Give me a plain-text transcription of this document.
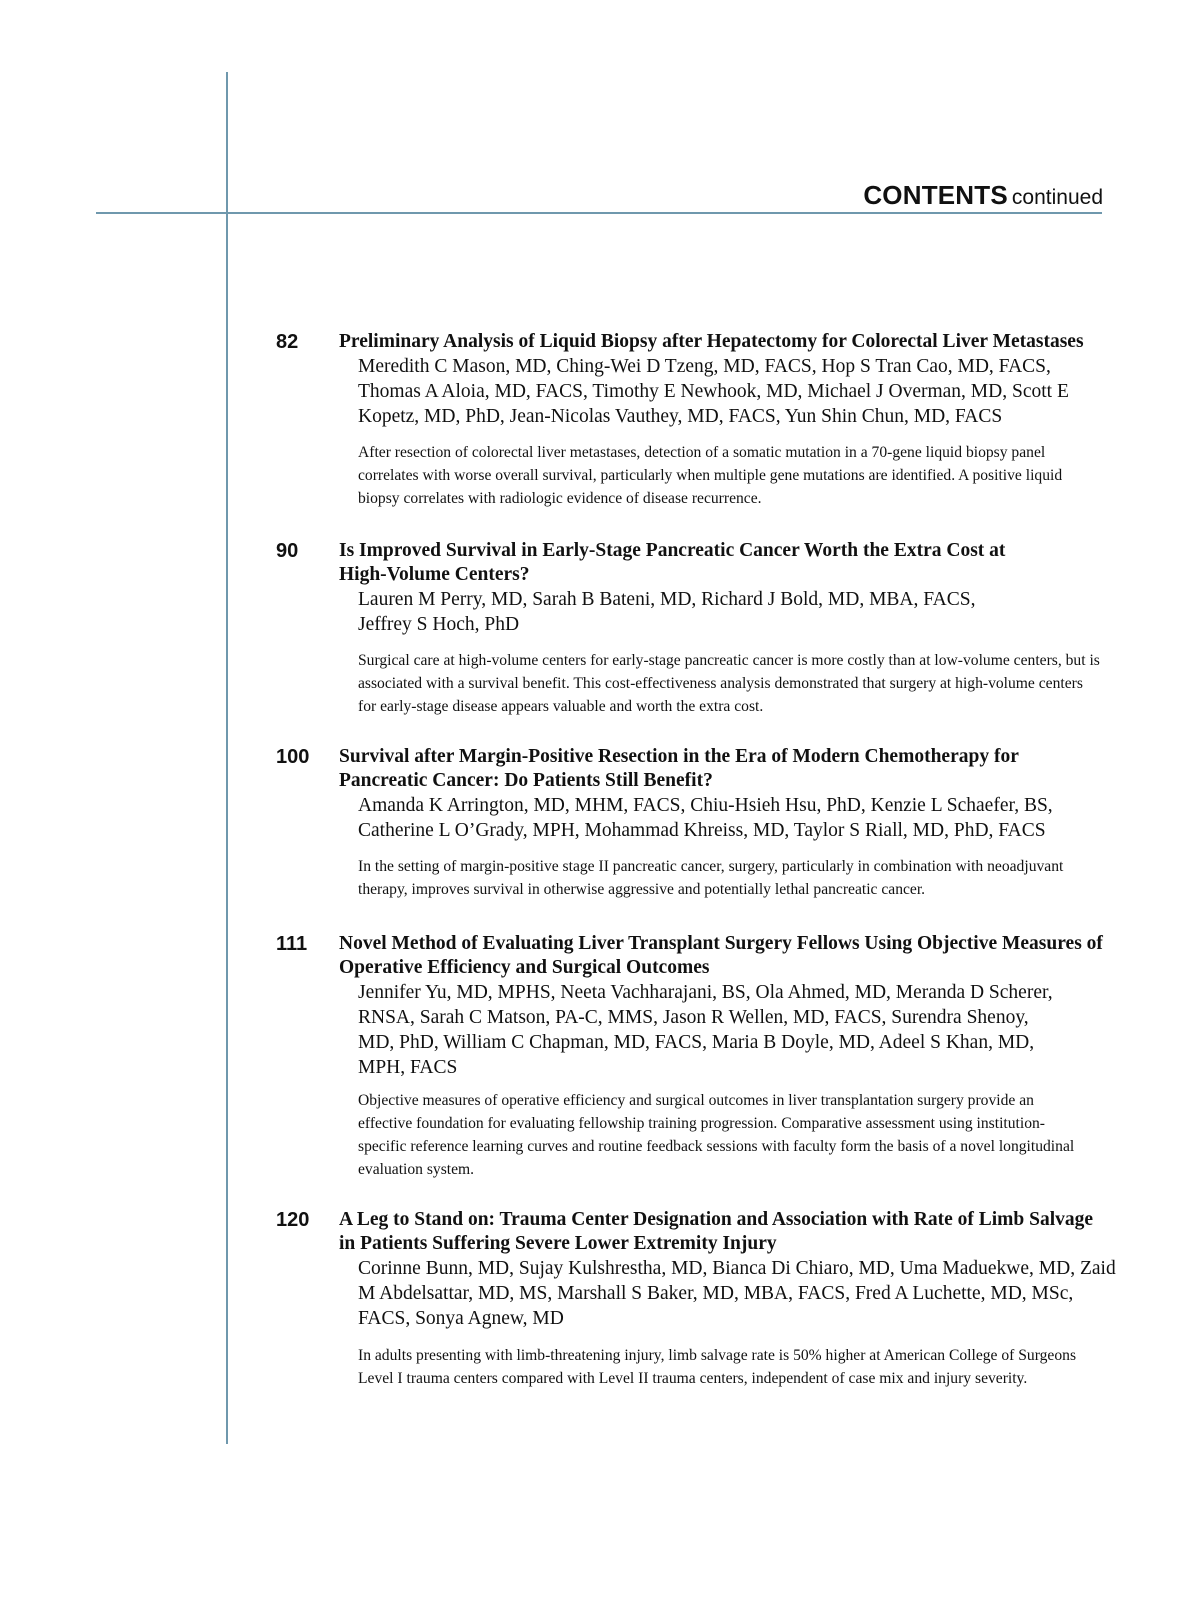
CONTENTS continued
82 Preliminary Analysis of Liquid Biopsy after Hepatectomy for Colorectal Liver Metastases

Meredith C Mason, MD, Ching-Wei D Tzeng, MD, FACS, Hop S Tran Cao, MD, FACS, Thomas A Aloia, MD, FACS, Timothy E Newhook, MD, Michael J Overman, MD, Scott E Kopetz, MD, PhD, Jean-Nicolas Vauthey, MD, FACS, Yun Shin Chun, MD, FACS

After resection of colorectal liver metastases, detection of a somatic mutation in a 70-gene liquid biopsy panel correlates with worse overall survival, particularly when multiple gene mutations are identified. A positive liquid biopsy correlates with radiologic evidence of disease recurrence.

90 Is Improved Survival in Early-Stage Pancreatic Cancer Worth the Extra Cost at High-Volume Centers?

Lauren M Perry, MD, Sarah B Bateni, MD, Richard J Bold, MD, MBA, FACS, Jeffrey S Hoch, PhD

Surgical care at high-volume centers for early-stage pancreatic cancer is more costly than at low-volume centers, but is associated with a survival benefit. This cost-effectiveness analysis demonstrated that surgery at high-volume centers for early-stage disease appears valuable and worth the extra cost.

100 Survival after Margin-Positive Resection in the Era of Modern Chemotherapy for Pancreatic Cancer: Do Patients Still Benefit?

Amanda K Arrington, MD, MHM, FACS, Chiu-Hsieh Hsu, PhD, Kenzie L Schaefer, BS, Catherine L O’Grady, MPH, Mohammad Khreiss, MD, Taylor S Riall, MD, PhD, FACS

In the setting of margin-positive stage II pancreatic cancer, surgery, particularly in combination with neoadjuvant therapy, improves survival in otherwise aggressive and potentially lethal pancreatic cancer.

111 Novel Method of Evaluating Liver Transplant Surgery Fellows Using Objective Measures of Operative Efficiency and Surgical Outcomes

Jennifer Yu, MD, MPHS, Neeta Vachharajani, BS, Ola Ahmed, MD, Meranda D Scherer, RNSA, Sarah C Matson, PA-C, MMS, Jason R Wellen, MD, FACS, Surendra Shenoy, MD, PhD, William C Chapman, MD, FACS, Maria B Doyle, MD, Adeel S Khan, MD, MPH, FACS

Objective measures of operative efficiency and surgical outcomes in liver transplantation surgery provide an effective foundation for evaluating fellowship training progression. Comparative assessment using institution-specific reference learning curves and routine feedback sessions with faculty form the basis of a novel longitudinal evaluation system.

120 A Leg to Stand on: Trauma Center Designation and Association with Rate of Limb Salvage in Patients Suffering Severe Lower Extremity Injury

Corinne Bunn, MD, Sujay Kulshrestha, MD, Bianca Di Chiaro, MD, Uma Maduekwe, MD, Zaid M Abdelsattar, MD, MS, Marshall S Baker, MD, MBA, FACS, Fred A Luchette, MD, MSc, FACS, Sonya Agnew, MD

In adults presenting with limb-threatening injury, limb salvage rate is 50% higher at American College of Surgeons Level I trauma centers compared with Level II trauma centers, independent of case mix and injury severity.
